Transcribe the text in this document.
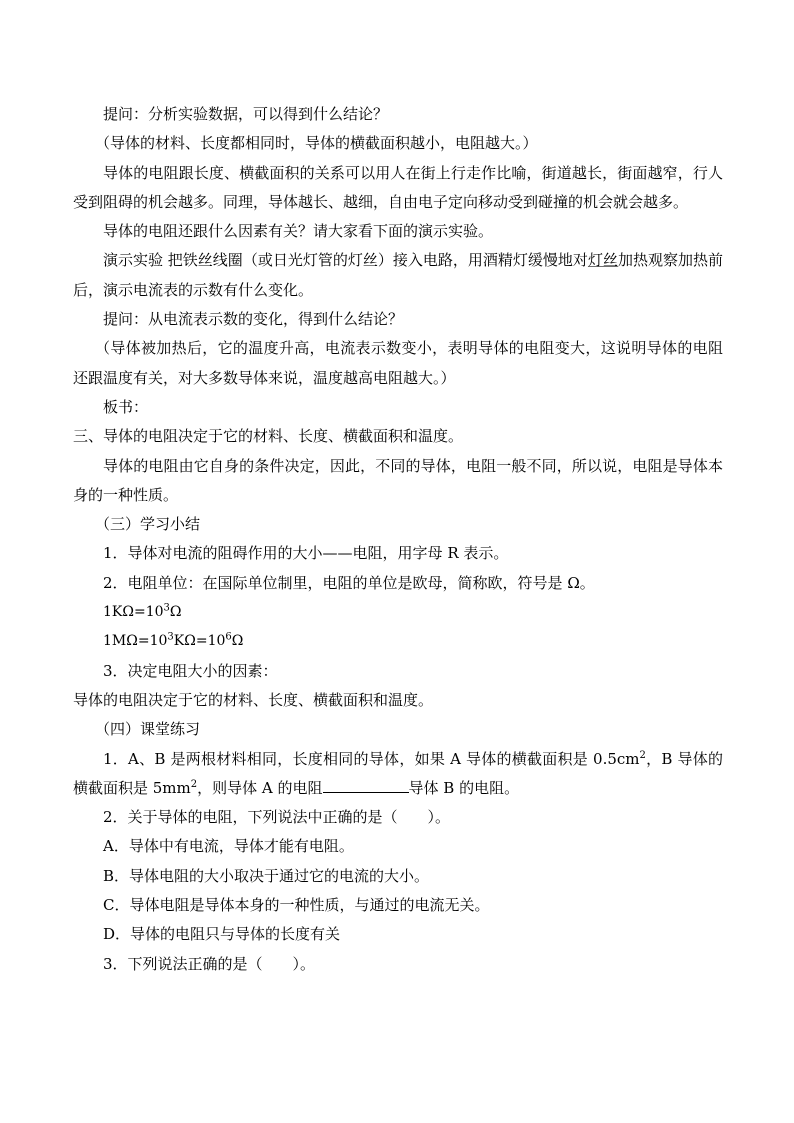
提问：分析实验数据，可以得到什么结论？

（导体的材料、长度都相同时，导体的横截面积越小，电阻越大。）

导体的电阻跟长度、横截面积的关系可以用人在街上行走作比喻，街道越长，街面越窄，行人受到阻碍的机会越多。同理，导体越长、越细，自由电子定向移动受到碰撞的机会就会越多。

导体的电阻还跟什么因素有关？请大家看下面的演示实验。

演示实验 把铁丝线圈（或日光灯管的灯丝）接入电路，用酒精灯缓慢地对灯丝加热观察加热前后，演示电流表的示数有什么变化。

提问：从电流表示数的变化，得到什么结论？

（导体被加热后，它的温度升高，电流表示数变小，表明导体的电阻变大，这说明导体的电阻还跟温度有关，对大多数导体来说，温度越高电阻越大。）

板书：

三、导体的电阻决定于它的材料、长度、横截面积和温度。

导体的电阻由它自身的条件决定，因此，不同的导体，电阻一般不同，所以说，电阻是导体本身的一种性质。

（三）学习小结

1．导体对电流的阻碍作用的大小——电阻，用字母 R 表示。

2．电阻单位：在国际单位制里，电阻的单位是欧母，简称欧，符号是 Ω。

$1K\Omega=10^3\Omega$

$1M\Omega=10^3K\Omega=10^6\Omega$

3．决定电阻大小的因素：

导体的电阻决定于它的材料、长度、横截面积和温度。

（四）课堂练习

1．A、B 是两根材料相同，长度相同的导体，如果 A 导体的横截面积是 $0.5cm^2$，B 导体的横截面积是 $5mm^2$，则导体 A 的电阻	导体 B 的电阻。

2．关于导体的电阻，下列说法中正确的是（　　）。

A．导体中有电流，导体才能有电阻。

B．导体电阻的大小取决于通过它的电流的大小。

C．导体电阻是导体本身的一种性质，与通过的电流无关。

D．导体的电阻只与导体的长度有关

3．下列说法正确的是（　　）。
